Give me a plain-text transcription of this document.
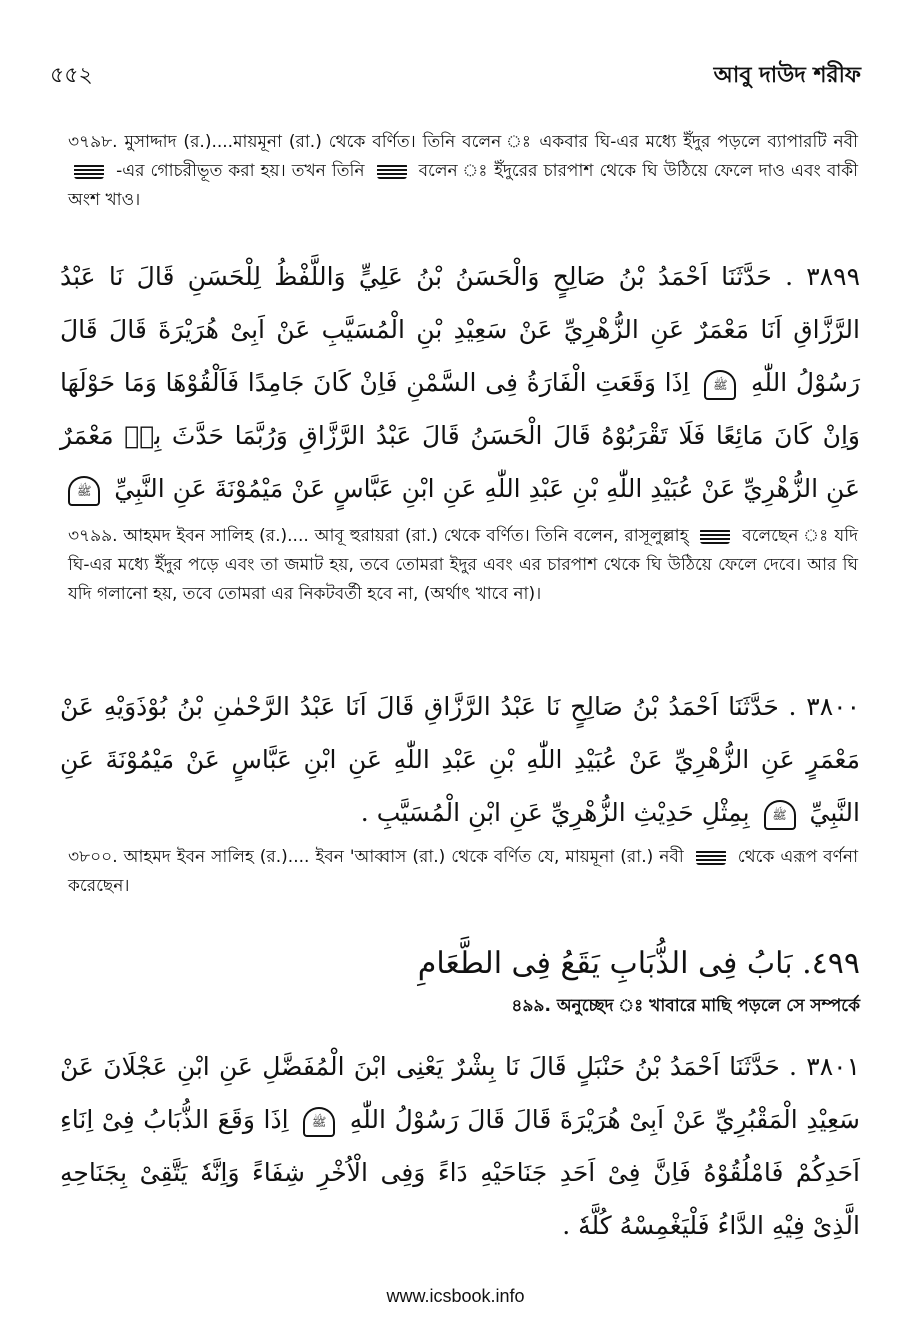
৫৫২	আবু দাউদ শরীফ
৩৭৯৮. মুসাদ্দাদ (র.)....মায়মূনা (রা.) থেকে বর্ণিত। তিনি বলেন ঃ একবার ঘি-এর মধ্যে ইঁদুর পড়লে ব্যাপারটি নবী  -এর গোচরীভূত করা হয়। তখন তিনি	বলেন ঃ ইঁদুরের চারপাশ থেকে ঘি উঠিয়ে ফেলে দাও এবং বাকী অংশ খাও।
٣٨٩٩ . حَدَّثَنَا اَحْمَدُ بْنُ صَالِحٍ وَالْحَسَنُ بْنُ عَلِيٍّ وَاللَّفْظُ لِلْحَسَنِ قَالَ نَا عَبْدُ الرَّزَّاقِ اَنَا مَعْمَرٌ عَنِ الزُّهْرِيِّ عَنْ سَعِيْدِ بْنِ الْمُسَيَّبِ عَنْ اَبِىْ هُرَيْرَةَ قَالَ قَالَ رَسُوْلُ اللّٰهِ ﷺ اِذَا وَقَعَتِ الْفَارَةُ فِى السَّمْنِ فَاِنْ كَانَ جَامِدًا فَاَلْقُوْهَا وَمَا حَوْلَهَا وَاِنْ كَانَ مَائِعًا فَلَا تَقْرَبُوْهُ قَالَ الْحَسَنُ قَالَ عَبْدُ الرَّزَّاقِ وَرُبَّمَا حَدَّثَ بِهٖ مَعْمَرٌ عَنِ الزُّهْرِيِّ عَنْ عُبَيْدِ اللّٰهِ بْنِ عَبْدِ اللّٰهِ عَنِ ابْنِ عَبَّاسٍ عَنْ مَيْمُوْنَةَ عَنِ النَّبِيِّ ﷺ
৩৭৯৯. আহমদ ইবন সালিহ (র.).... আবূ হুরায়রা (রা.) থেকে বর্ণিত। তিনি বলেন, রাসূলুল্লাহ্	বলেছেন ঃ যদি ঘি-এর মধ্যে ইঁদুর পড়ে এবং তা জমাট হয়, তবে তোমরা ইদুর এবং এর চারপাশ থেকে ঘি উঠিয়ে ফেলে দেবে। আর ঘি যদি গলানো হয়, তবে তোমরা এর নিকটবর্তী হবে না, (অর্থাৎ খাবে না)।
٣٨٠٠ . حَدَّثَنَا اَحْمَدُ بْنُ صَالِحٍ نَا عَبْدُ الرَّزَّاقِ قَالَ اَنَا عَبْدُ الرَّحْمٰنِ بْنُ بُوْذَوَيْهِ عَنْ مَعْمَرٍ عَنِ الزُّهْرِيِّ عَنْ عُبَيْدِ اللّٰهِ بْنِ عَبْدِ اللّٰهِ عَنِ ابْنِ عَبَّاسٍ عَنْ مَيْمُوْنَةَ عَنِ النَّبِيِّ ﷺ بِمِثْلِ حَدِيْثِ الزُّهْرِيِّ عَنِ ابْنِ الْمُسَيَّبِ .
৩৮০০. আহমদ ইবন সালিহ (র.).... ইবন 'আব্বাস (রা.) থেকে বর্ণিত যে, মায়মূনা (রা.) নবী	থেকে এরূপ বর্ণনা করেছেন।
٤٩٩. بَابُ فِى الذُّبَابِ يَقَعُ فِى الطَّعَامِ
৪৯৯. অনুচ্ছেদ ঃ খাবারে মাছি পড়লে সে সম্পর্কে
٣٨٠١ . حَدَّثَنَا اَحْمَدُ بْنُ حَنْبَلٍ قَالَ نَا بِشْرٌ يَعْنِى ابْنَ الْمُفَضَّلِ عَنِ ابْنِ عَجْلَانَ عَنْ سَعِيْدِ الْمَقْبُرِيِّ عَنْ اَبِىْ هُرَيْرَةَ قَالَ قَالَ رَسُوْلُ اللّٰهِ ﷺ اِذَا وَقَعَ الذُّبَابُ فِىْ اِنَاءِ اَحَدِكُمْ فَامْلُقُوْهُ فَاِنَّ فِىْ اَحَدِ جَنَاحَيْهِ دَاءً وَفِى الْاُخْرِ شِفَاءً وَاِنَّهٗ يَتَّقِىْ بِجَنَاحِهِ الَّذِىْ فِيْهِ الدَّاءُ فَلْيَغْمِسْهُ كُلَّهٗ .
www.icsbook.info
